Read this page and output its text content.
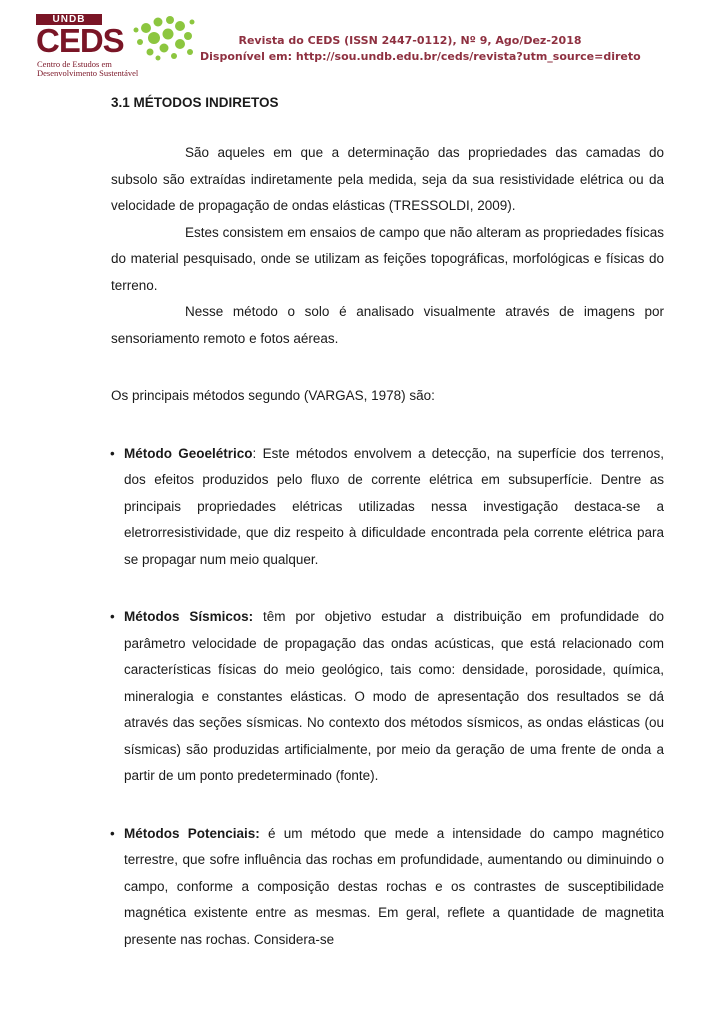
UNDB
CEDS
Centro de Estudos em
Desenvolvimento Sustentável
Revista do CEDS (ISSN 2447-0112), Nº 9, Ago/Dez-2018
Disponível em: http://sou.undb.edu.br/ceds/revista?utm_source=direto
3.1 MÉTODOS INDIRETOS

São aqueles em que a determinação das propriedades das camadas do subsolo são extraídas indiretamente pela medida, seja da sua resistividade elétrica ou da velocidade de propagação de ondas elásticas (TRESSOLDI, 2009).

Estes consistem em ensaios de campo que não alteram as propriedades físicas do material pesquisado, onde se utilizam as feições topográficas, morfológicas e físicas do terreno.

Nesse método o solo é analisado visualmente através de imagens por sensoriamento remoto e fotos aéreas.

Os principais métodos segundo (VARGAS, 1978) são:

• Método Geoelétrico: Este métodos envolvem a detecção, na superfície dos terrenos, dos efeitos produzidos pelo fluxo de corrente elétrica em subsuperfície. Dentre as principais propriedades elétricas utilizadas nessa investigação destaca-se a eletrorresistividade, que diz respeito à dificuldade encontrada pela corrente elétrica para se propagar num meio qualquer.
• Métodos Sísmicos: têm por objetivo estudar a distribuição em profundidade do parâmetro velocidade de propagação das ondas acústicas, que está relacionado com características físicas do meio geológico, tais como: densidade, porosidade, química, mineralogia e constantes elásticas. O modo de apresentação dos resultados se dá através das seções sísmicas. No contexto dos métodos sísmicos, as ondas elásticas (ou sísmicas) são produzidas artificialmente, por meio da geração de uma frente de onda a partir de um ponto predeterminado (fonte).
• Métodos Potenciais: é um método que mede a intensidade do campo magnético terrestre, que sofre influência das rochas em profundidade, aumentando ou diminuindo o campo, conforme a composição destas rochas e os contrastes de susceptibilidade magnética existente entre as mesmas. Em geral, reflete a quantidade de magnetita presente nas rochas. Considera-se
